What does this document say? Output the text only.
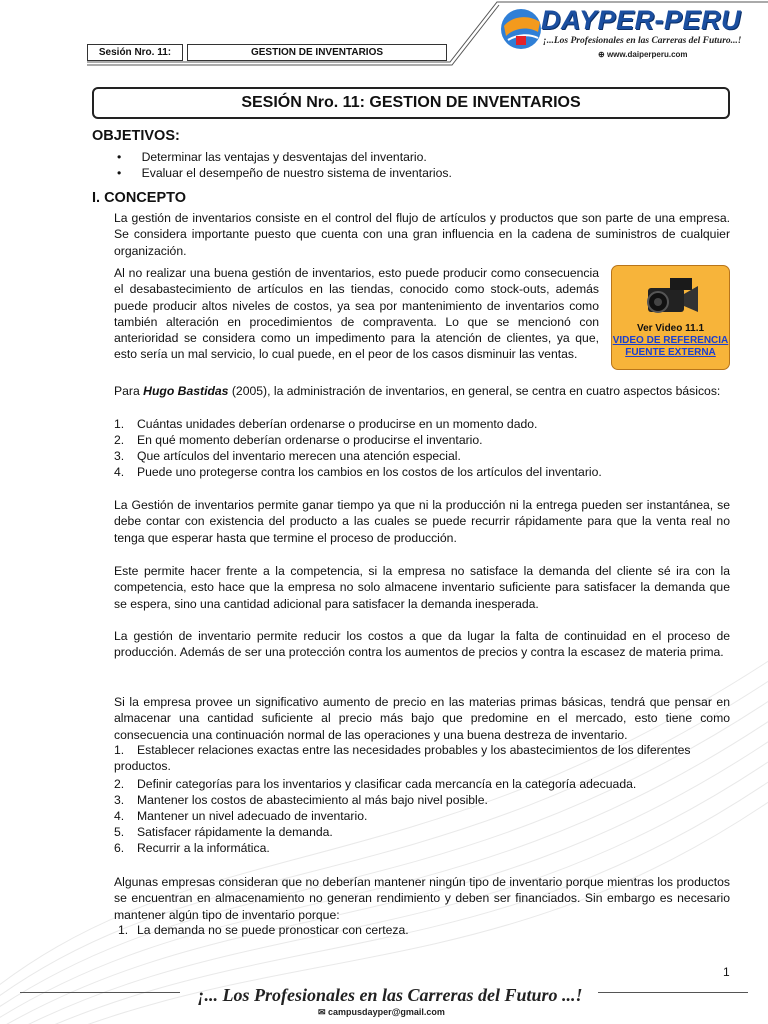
Sesión Nro. 11:	GESTION DE INVENTARIOS
DAYPER-PERU
¡...Los Profesionales en las Carreras del Futuro...!
⊕ www.daiperperu.com
SESIÓN Nro. 11: GESTION DE INVENTARIOS
OBJETIVOS:
•      Determinar las ventajas y desventajas del inventario.
•      Evaluar el desempeño de nuestro sistema de inventarios.
I. CONCEPTO
La gestión de inventarios consiste en el control del flujo de artículos y productos que son parte de una empresa. Se considera importante puesto que cuenta con una gran influencia en la cadena de suministros de cualquier organización.
Al no realizar una buena gestión de inventarios, esto puede producir como consecuencia el desabastecimiento de artículos en las tiendas, conocido como stock-outs, además puede producir altos niveles de costos, ya sea por mantenimiento de inventarios como también alteración en procedimientos de compraventa. Lo que se mencionó con anterioridad se considera como un impedimento para la atención de clientes, ya que, esto sería un mal servicio, lo cual puede, en el peor de los casos disminuir las ventas.
Ver Video 11.1
VIDEO DE REFERENCIA
FUENTE EXTERNA
Para Hugo Bastidas (2005), la administración de inventarios, en general, se centra en cuatro aspectos básicos:
1. Cuántas unidades deberían ordenarse o producirse en un momento dado.
2. En qué momento deberían ordenarse o producirse el inventario.
3. Que artículos del inventario merecen una atención especial.
4. Puede uno protegerse contra los cambios en los costos de los artículos del inventario.
La Gestión de inventarios permite ganar tiempo ya que ni la producción ni la entrega pueden ser instantánea, se debe contar con existencia del producto a las cuales se puede recurrir rápidamente para que la venta real no tenga que esperar hasta que termine el proceso de producción.
Este permite hacer frente a la competencia, si la empresa no satisface la demanda del cliente sé ira con la competencia, esto hace que la empresa no solo almacene inventario suficiente para satisfacer la demanda que se espera, sino una cantidad adicional para satisfacer la demanda inesperada.
La gestión de inventario permite reducir los costos a que da lugar la falta de continuidad en el proceso de producción. Además de ser una protección contra los aumentos de precios y contra la escasez de materia prima.
Si la empresa provee un significativo aumento de precio en las materias primas básicas, tendrá que pensar en almacenar una cantidad suficiente al precio más bajo que predomine en el mercado, esto tiene como consecuencia una continuación normal de las operaciones y una buena destreza de inventario.
1. Establecer relaciones exactas entre las necesidades probables y los abastecimientos de los diferentes productos.
2. Definir categorías para los inventarios y clasificar cada mercancía en la categoría adecuada.
3. Mantener los costos de abastecimiento al más bajo nivel posible.
4. Mantener un nivel adecuado de inventario.
5. Satisfacer rápidamente la demanda.
6. Recurrir a la informática.
Algunas empresas consideran que no deberían mantener ningún tipo de inventario porque mientras los productos se encuentran en almacenamiento no generan rendimiento y deben ser financiados. Sin embargo es necesario mantener algún tipo de inventario porque:
1. La demanda no se puede pronosticar con certeza.
1
¡... Los Profesionales en las Carreras del Futuro ...!
✉ campusdayper@gmail.com
